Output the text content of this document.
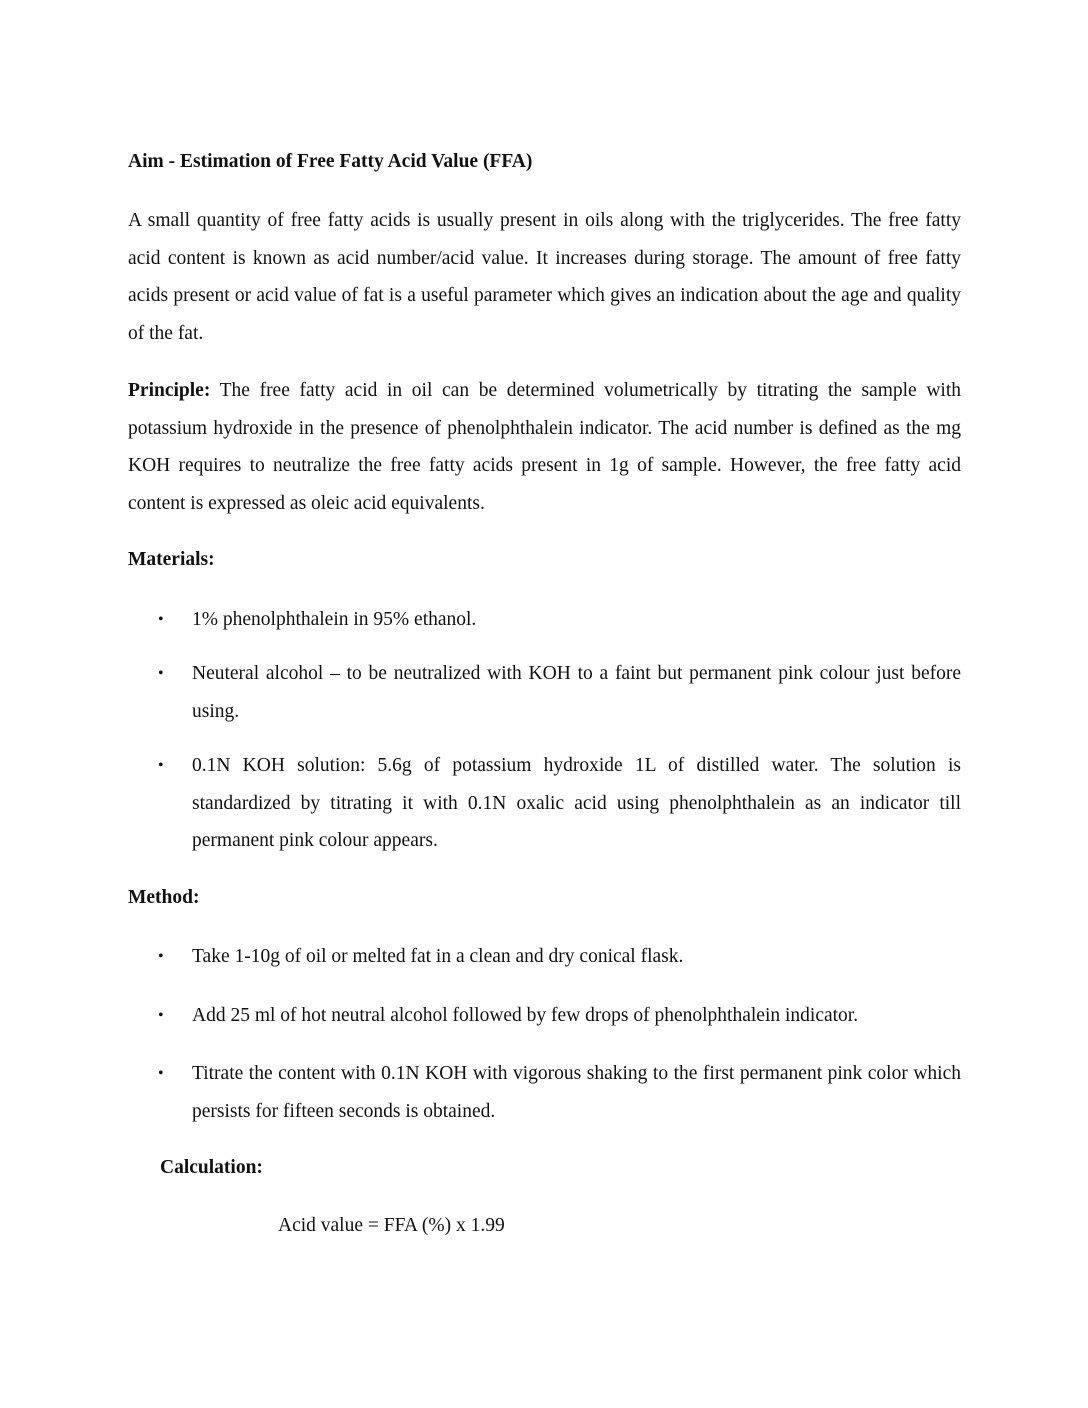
Aim - Estimation of Free Fatty Acid Value (FFA)

A small quantity of free fatty acids is usually present in oils along with the triglycerides. The free fatty acid content is known as acid number/acid value. It increases during storage. The amount of free fatty acids present or acid value of fat is a useful parameter which gives an indication about the age and quality of the fat.

Principle: The free fatty acid in oil can be determined volumetrically by titrating the sample with potassium hydroxide in the presence of phenolphthalein indicator. The acid number is defined as the mg KOH requires to neutralize the free fatty acids present in 1g of sample. However, the free fatty acid content is expressed as oleic acid equivalents.

Materials:

• 1% phenolphthalein in 95% ethanol.
• Neuteral alcohol – to be neutralized with KOH to a faint but permanent pink colour just before using.
• 0.1N KOH solution: 5.6g of potassium hydroxide 1L of distilled water. The solution is standardized by titrating it with 0.1N oxalic acid using phenolphthalein as an indicator till permanent pink colour appears.

Method:

• Take 1-10g of oil or melted fat in a clean and dry conical flask.
• Add 25 ml of hot neutral alcohol followed by few drops of phenolphthalein indicator.
• Titrate the content with 0.1N KOH with vigorous shaking to the first permanent pink color which persists for fifteen seconds is obtained.

Calculation:

Acid value = FFA (%) x 1.99
